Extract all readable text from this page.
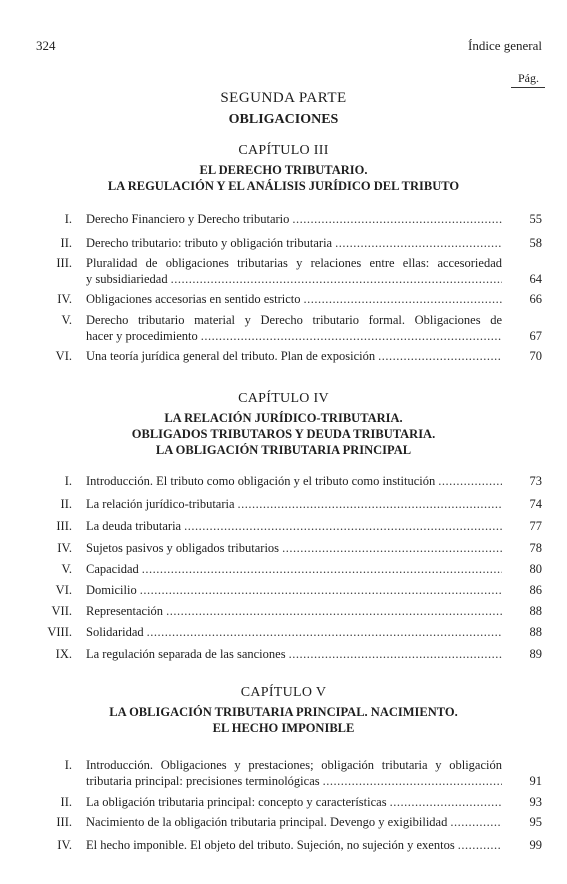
324	Índice general
Pág.
SEGUNDA PARTE
OBLIGACIONES
CAPÍTULO III
EL DERECHO TRIBUTARIO.
LA REGULACIÓN Y EL ANÁLISIS JURÍDICO DEL TRIBUTO
I. Derecho Financiero y Derecho tributario .....	55
II. Derecho tributario: tributo y obligación tributaria .....	58
III. Pluralidad de obligaciones tributarias y relaciones entre ellas: accesoriedad
y subsidiariedad .....	64
IV. Obligaciones accesorias en sentido estricto .....	66
V. Derecho tributario material y Derecho tributario formal. Obligaciones de
hacer y procedimiento .....	67
VI. Una teoría jurídica general del tributo. Plan de exposición .....	70
CAPÍTULO IV
LA RELACIÓN JURÍDICO-TRIBUTARIA.
OBLIGADOS TRIBUTAROS Y DEUDA TRIBUTARIA.
LA OBLIGACIÓN TRIBUTARIA PRINCIPAL
I. Introducción. El tributo como obligación y el tributo como institución .....	73
II. La relación jurídico-tributaria .....	74
III. La deuda tributaria .....	77
IV. Sujetos pasivos y obligados tributarios .....	78
V. Capacidad .....	80
VI. Domicilio .....	86
VII. Representación .....	88
VIII. Solidaridad .....	88
IX. La regulación separada de las sanciones .....	89
CAPÍTULO V
LA OBLIGACIÓN TRIBUTARIA PRINCIPAL. NACIMIENTO.
EL HECHO IMPONIBLE
I. Introducción. Obligaciones y prestaciones; obligación tributaria y obligación
tributaria principal: precisiones terminológicas .....	91
II. La obligación tributaria principal: concepto y características .....	93
III. Nacimiento de la obligación tributaria principal. Devengo y exigibilidad .....	95
IV. El hecho imponible. El objeto del tributo. Sujeción, no sujeción y exentos .....	99
